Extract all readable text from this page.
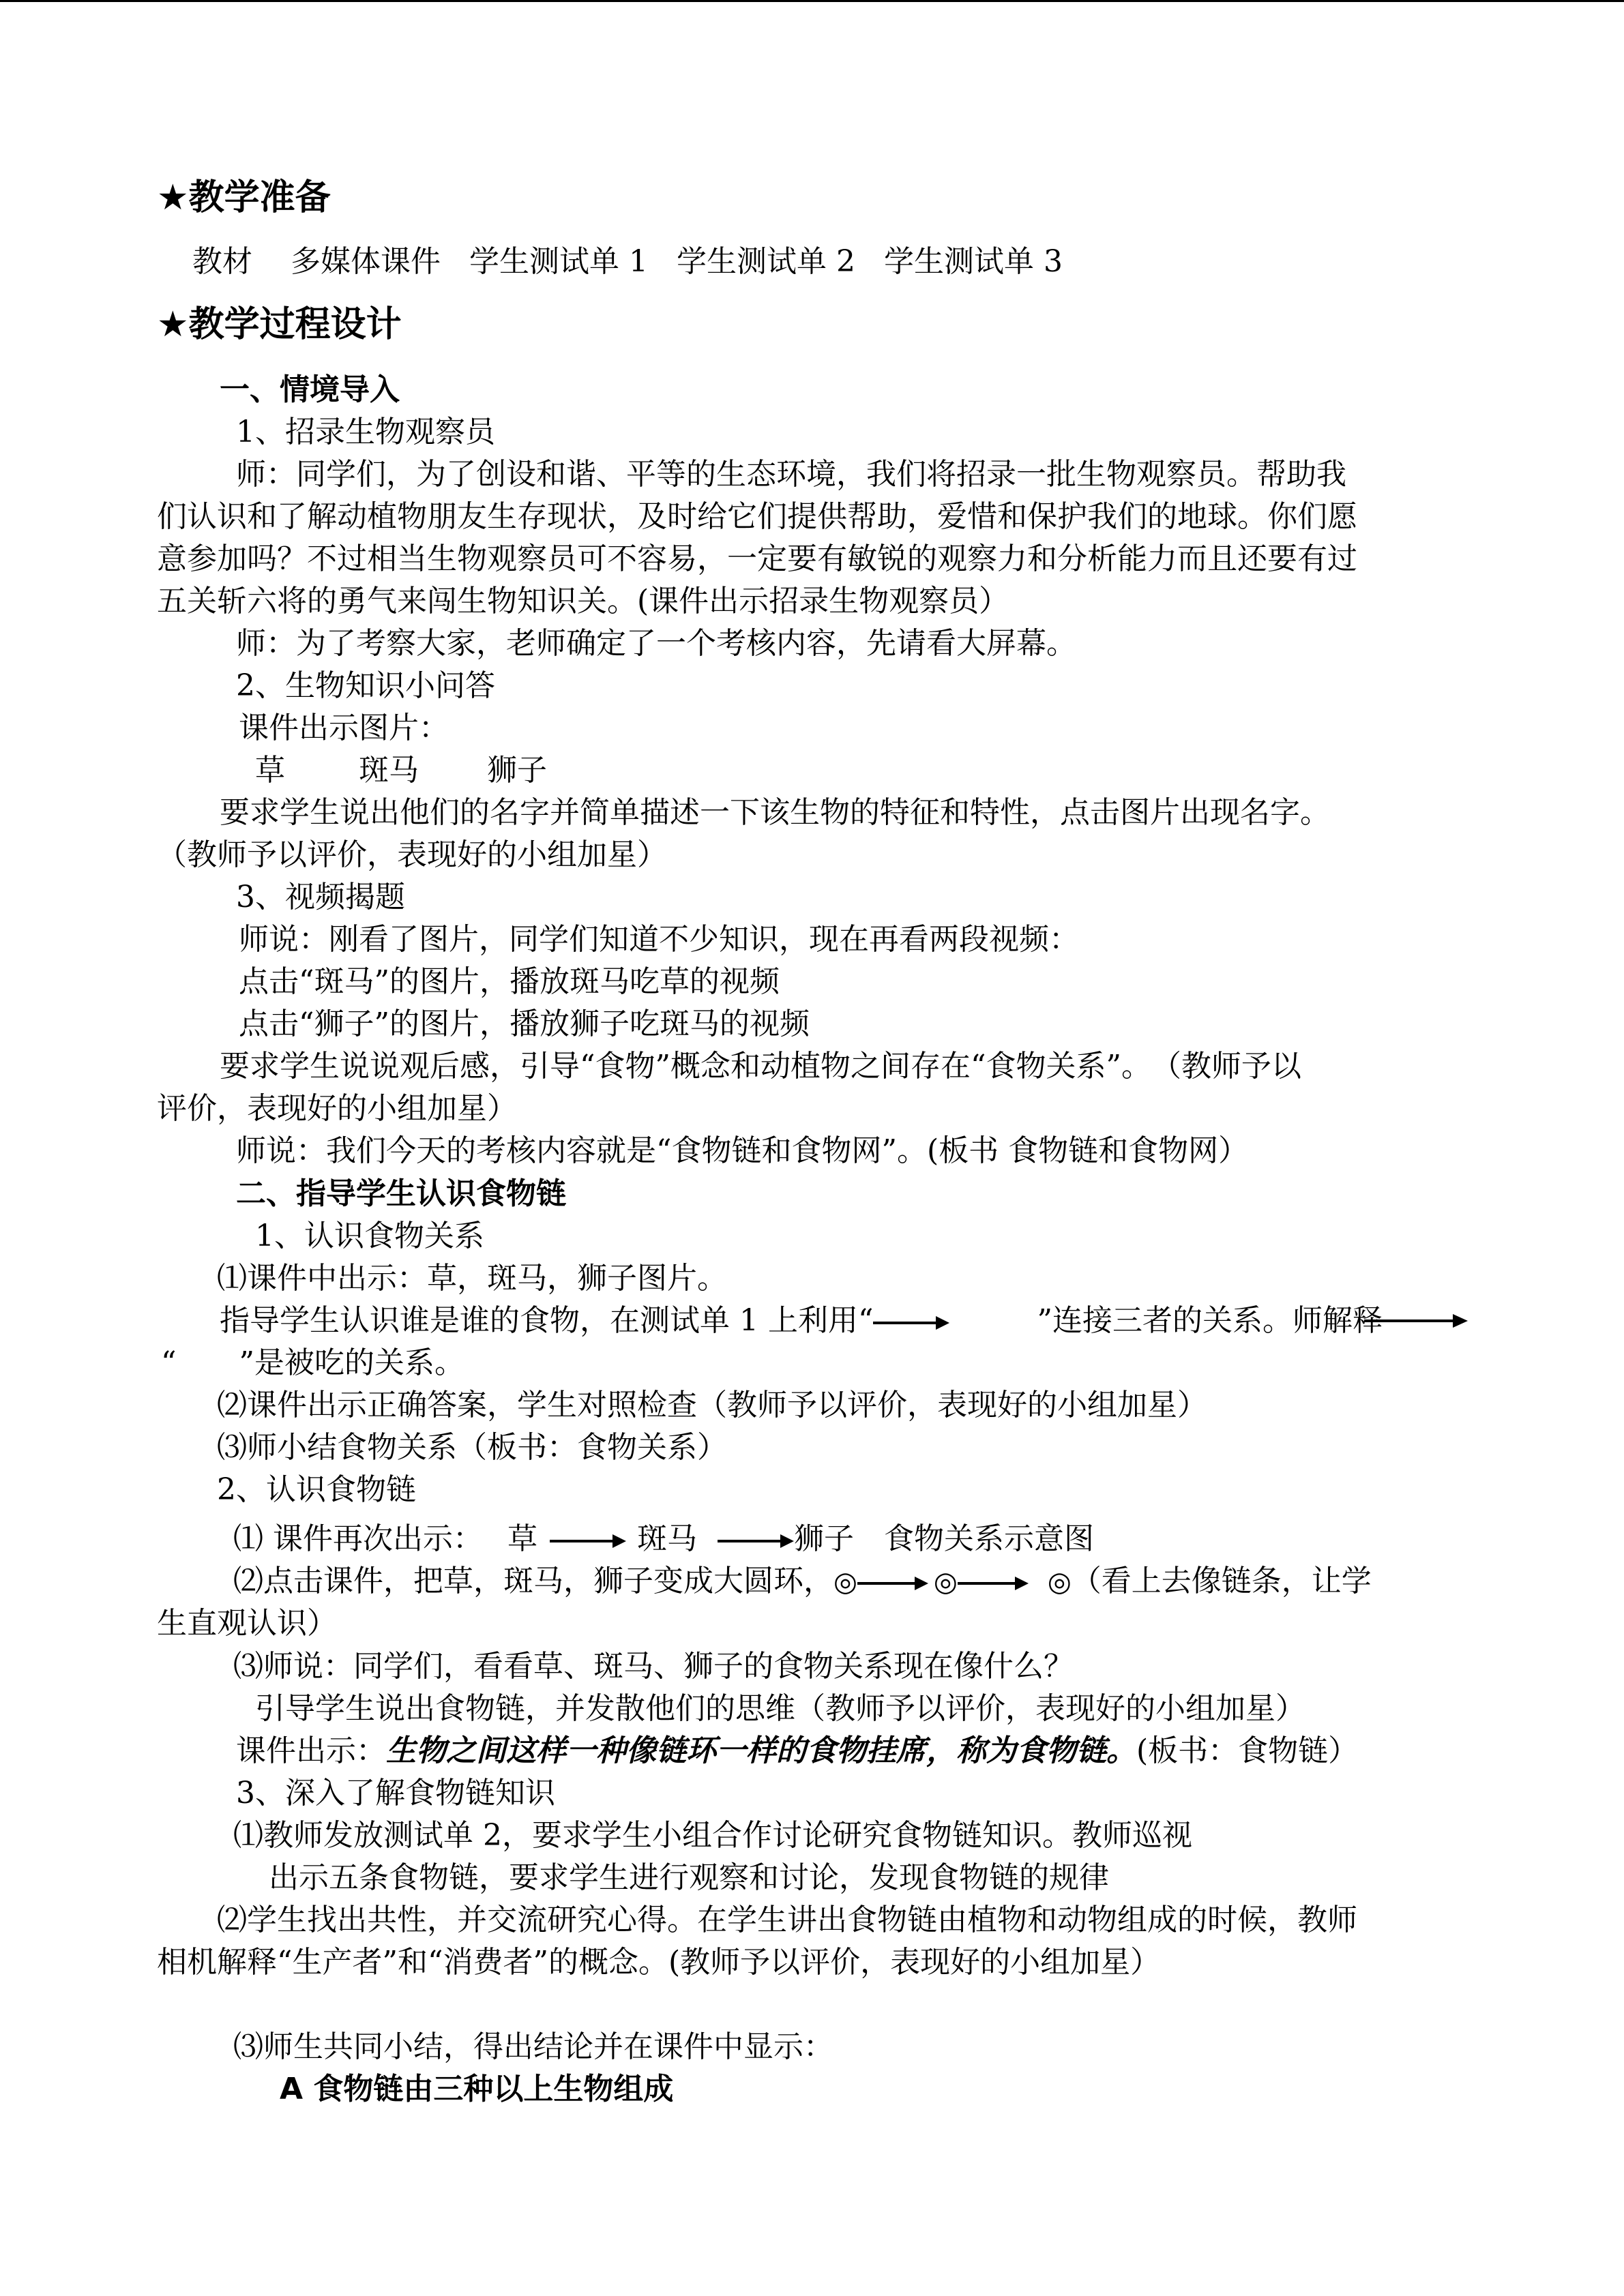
★教学准备
教材 多媒体课件 学生测试单 1 学生测试单 2 学生测试单 3
★教学过程设计
一、情境导入
1、招录生物观察员
师：同学们，为了创设和谐、平等的生态环境，我们将招录一批生物观察员。帮助我
们认识和了解动植物朋友生存现状，及时给它们提供帮助，爱惜和保护我们的地球。你们愿
意参加吗？不过相当生物观察员可不容易，一定要有敏锐的观察力和分析能力而且还要有过
五关斩六将的勇气来闯生物知识关。(课件出示招录生物观察员）
师：为了考察大家，老师确定了一个考核内容，先请看大屏幕。
2、生物知识小问答
课件出示图片：
草 斑马 狮子
要求学生说出他们的名字并简单描述一下该生物的特征和特性，点击图片出现名字。
（教师予以评价，表现好的小组加星）
3、视频揭题
师说：刚看了图片，同学们知道不少知识，现在再看两段视频：
点击“斑马”的图片，播放斑马吃草的视频
点击“狮子”的图片，播放狮子吃斑马的视频
要求学生说说观后感，引导“食物”概念和动植物之间存在“食物关系”。　（教师予以
评价，表现好的小组加星）
师说：我们今天的考核内容就是“食物链和食物网”。(板书 食物链和食物网）
二、指导学生认识食物链
1、认识食物关系
⑴课件中出示：草，斑马，狮子图片。
指导学生认识谁是谁的食物，在测试单 1 上利用“	”连接三者的关系。师解释
“ ”是被吃的关系。
⑵课件出示正确答案，学生对照检查（教师予以评价，表现好的小组加星）
⑶师小结食物关系（板书：食物关系）
2、认识食物链
⑴ 课件再次出示： 草	斑马	狮子 食物关系示意图
⑵点击课件，把草，斑马，狮子变成大圆环，◎	◎	◎（看上去像链条，让学
生直观认识）
⑶师说：同学们，看看草、斑马、狮子的食物关系现在像什么？
引导学生说出食物链，并发散他们的思维（教师予以评价，表现好的小组加星）
课件出示：生物之间这样一种像链环一样的食物挂席，称为食物链。(板书：食物链）
3、深入了解食物链知识
⑴教师发放测试单 2，要求学生小组合作讨论研究食物链知识。教师巡视
出示五条食物链，要求学生进行观察和讨论，发现食物链的规律
⑵学生找出共性，并交流研究心得。在学生讲出食物链由植物和动物组成的时候，教师
相机解释“生产者”和“消费者”的概念。(教师予以评价，表现好的小组加星）
⑶师生共同小结，得出结论并在课件中显示：
A 食物链由三种以上生物组成
